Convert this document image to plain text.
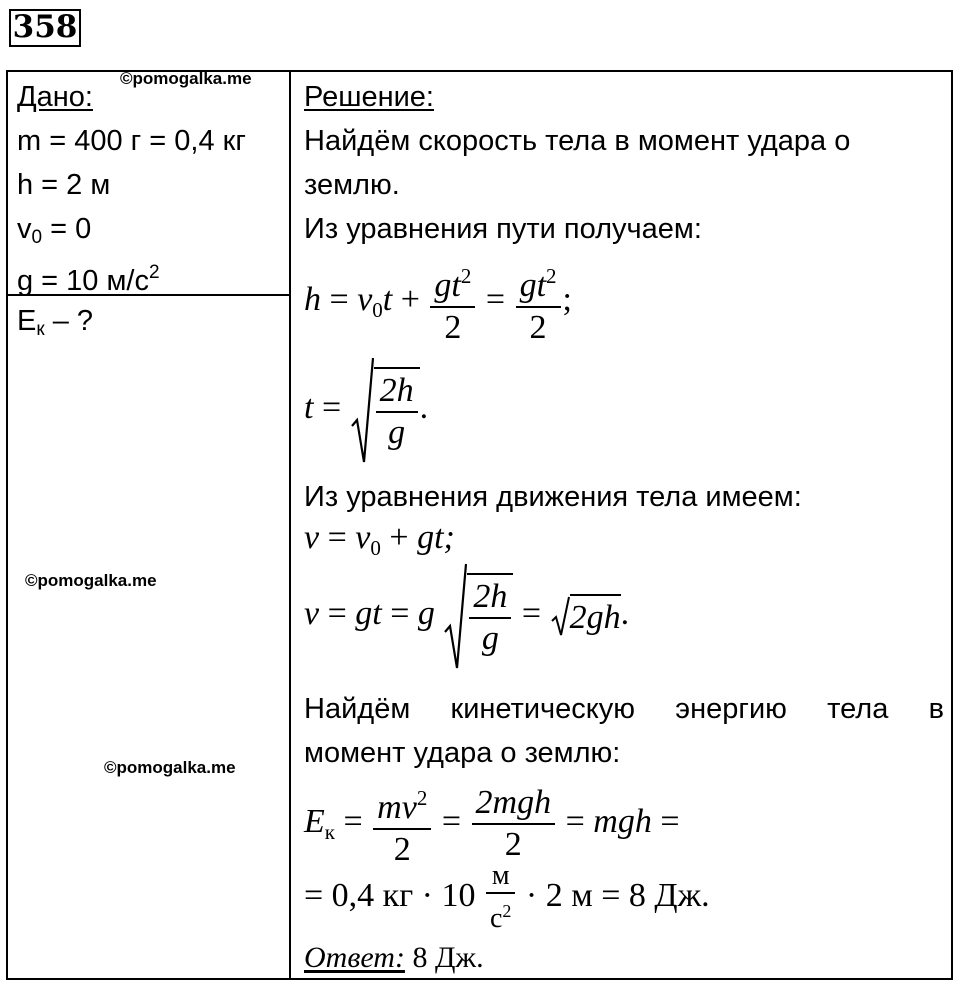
358
©pomogalka.me
©pomogalka.me
©pomogalka.me
Дано:
m = 400 г = 0,4 кг
h = 2 м
v0 = 0
g = 10 $м/с^2$
Eк – ?
Решение:
Найдём скорость тела в момент удара о
землю.
Из уравнения пути получаем:
$h = v_0t + \frac{gt^2}{2} = \frac{gt^2}{2}$ ;
$t = \frac{2h}{g}$ .
Из уравнения движения тела имеем:
$v = v_0$ + gt;
v = gt = g $\frac{2h}{g} = 2gh$.
Найдём кинетическую энергию тела в
момент удара о землю:
$E_к = \frac{mv^2}{2} = \frac{\text{2mgh}}{2}$ = mgh =
= 0,4 кг · $10 \frac{м}{с^2} \cdot 2$ м = 8 Дж.
Ответ: 8 Дж.
